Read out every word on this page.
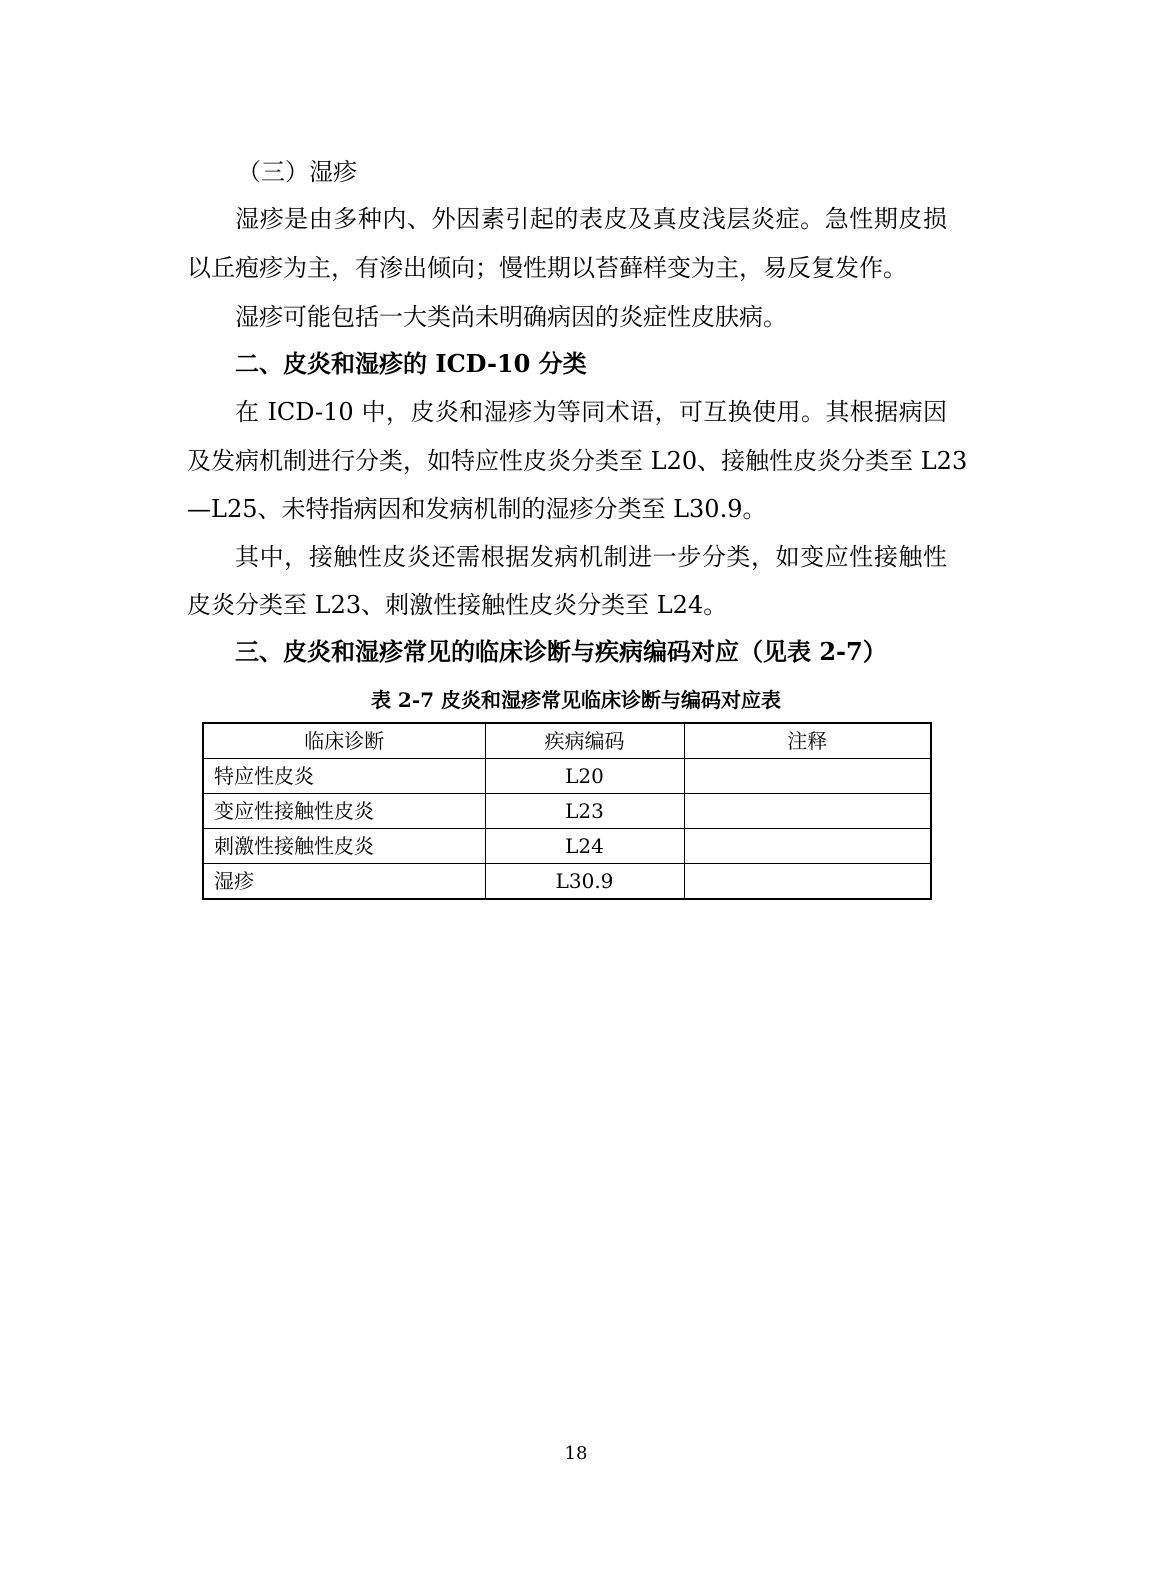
（三）湿疹
湿疹是由多种内、外因素引起的表皮及真皮浅层炎症。急性期皮损
以丘疱疹为主，有渗出倾向；慢性期以苔藓样变为主，易反复发作。
湿疹可能包括一大类尚未明确病因的炎症性皮肤病。
二、皮炎和湿疹的 ICD-10 分类
在 ICD-10 中，皮炎和湿疹为等同术语，可互换使用。其根据病因
及发病机制进行分类，如特应性皮炎分类至 L20、接触性皮炎分类至 L23
—L25、未特指病因和发病机制的湿疹分类至 L30.9。
其中，接触性皮炎还需根据发病机制进一步分类，如变应性接触性
皮炎分类至 L23、刺激性接触性皮炎分类至 L24。
三、皮炎和湿疹常见的临床诊断与疾病编码对应（见表 2-7）
表 2-7 皮炎和湿疹常见临床诊断与编码对应表
临床诊断	疾病编码	注释
特应性皮炎	L20	
变应性接触性皮炎	L23	
刺激性接触性皮炎	L24	
湿疹	L30.9	
18
